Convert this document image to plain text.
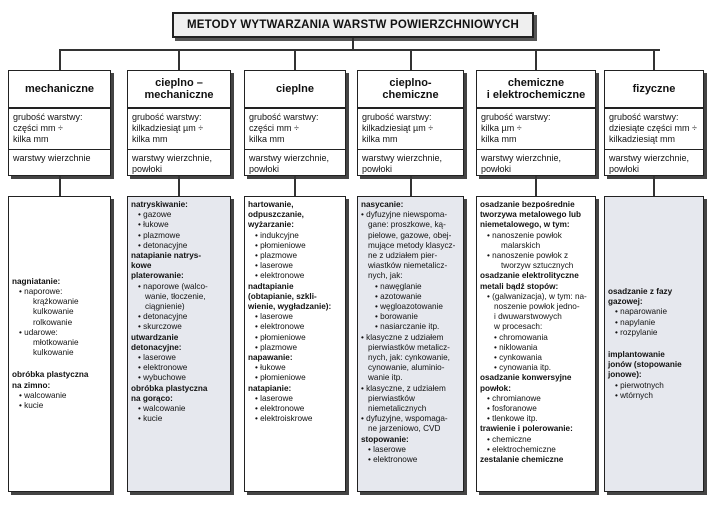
METODY WYTWARZANIA WARSTW POWIERZCHNIOWYCH
mechaniczne
grubość warstwy:
części mm ÷
kilka mm
warstwy wierzchnie
nagniatanie:
• naporowe:
krążkowanie
kulkowanie
rolkowanie
• udarowe:
młotkowanie
kulkowanie
obróbka plastyczna
na zimno:
• walcowanie
• kucie
cieplno –
mechaniczne
grubość warstwy:
kilkadziesiąt µm ÷
kilka mm
warstwy wierzchnie,
powłoki
natryskiwanie:
• gazowe
• łukowe
• plazmowe
• detonacyjne
natapianie natrys-
kowe
platerowanie:
• naporowe (walco-
wanie, tłoczenie,
ciągnienie)
• detonacyjne
• skurczowe
utwardzanie
detonacyjne:
• laserowe
• elektronowe
• wybuchowe
obróbka plastyczna
na gorąco:
• walcowanie
• kucie
cieplne
grubość warstwy:
części mm ÷
kilka mm
warstwy wierzchnie,
powłoki
hartowanie,
odpuszczanie,
wyżarzanie:
• indukcyjne
• płomieniowe
• plazmowe
• laserowe
• elektronowe
nadtapianie
(obtapianie, szkli-
wienie, wygładzanie):
• laserowe
• elektronowe
• płomieniowe
• plazmowe
napawanie:
• łukowe
• płomieniowe
natapianie:
• laserowe
• elektronowe
• elektroiskrowe
cieplno-
chemiczne
grubość warstwy:
kilkadziesiąt µm ÷
kilka mm
warstwy wierzchnie,
powłoki
nasycanie:
• dyfuzyjne niewspoma-
gane: proszkowe, ką-
pielowe, gazowe, obej-
mujące metody klasycz-
ne z udziałem pier-
wiastków niemetalicz-
nych, jak:
• nawęglanie
• azotowanie
• węgloazotowanie
• borowanie
• nasiarczanie itp.
• klasyczne z udziałem
pierwiastków metalicz-
nych, jak: cynkowanie,
cynowanie, aluminio-
wanie itp.
• klasyczne, z udziałem
pierwiastków
niemetalicznych
• dyfuzyjne, wspomaga-
ne jarzeniowo, CVD
stopowanie:
• laserowe
• elektronowe
chemiczne
i elektrochemiczne
grubość warstwy:
kilka µm ÷
kilka mm
warstwy wierzchnie,
powłoki
osadzanie bezpośrednie
tworzywa metalowego lub
niemetalowego, w tym:
• nanoszenie powłok
malarskich
• nanoszenie powłok z
tworzyw sztucznych
osadzanie elektrolityczne
metali bądź stopów:
• (galwanizacja), w tym: na-
noszenie powłok jedno-
i dwuwarstwowych
w procesach:
• chromowania
• niklowania
• cynkowania
• cynowania itp.
osadzanie konwersyjne
powłok:
• chromianowe
• fosforanowe
• tlenkowe itp.
trawienie i polerowanie:
• chemiczne
• elektrochemiczne
zestalanie chemiczne
fizyczne
grubość warstwy:
dziesiąte części mm ÷
kilkadziesiąt mm
warstwy wierzchnie,
powłoki
osadzanie z fazy
gazowej:
• naparowanie
• napylanie
• rozpylanie
implantowanie
jonów (stopowanie
jonowe):
• pierwotnych
• wtórnych
